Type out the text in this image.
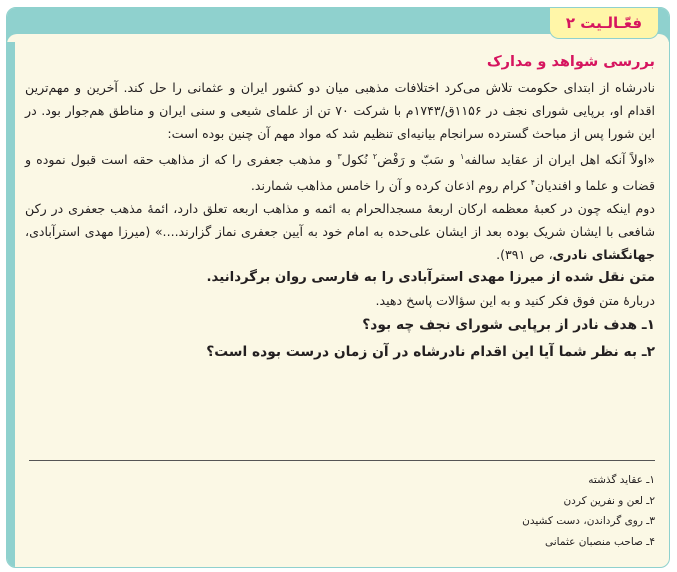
فعّـالـیت ۲
بررسی شواهد و مدارک

نادرشاه از ابتدای حکومت تلاش می‌کرد اختلافات مذهبی میان دو کشور ایران و عثمانی را حل کند. آخرین و مهم‌ترین اقدام او، برپایی شورای نجف در ۱۱۵۶ق/۱۷۴۳م با شرکت ۷۰ تن از علمای شیعی و سنی ایران و مناطق هم‌جوار بود. در این شورا پس از مباحث گسترده سرانجام بیانیه‌ای تنظیم شد که مواد مهم آن چنین بوده است:

«اولاً آنکه اهل ایران از عقاید سالفه$^۱$ و سَبّ و رَفْض$^۲$ نُکول$^۳$ و مذهب جعفری را که از مذاهب حقه است قبول نموده و قضات و علما و افندیان$^۴$ کرام روم اذعان کرده و آن را خامس مذاهب شمارند.

دوم اینکه چون در کعبهٔ معظمه ارکان اربعهٔ مسجدالحرام به ائمه و مذاهب اربعه تعلق دارد، ائمهٔ مذهب جعفری در رکن شافعی با ایشان شریک بوده بعد از ایشان علی‌حده به امام خود به آیین جعفری نماز گزارند....» (میرزا مهدی استرآبادی، جهانگشای نادری، ص ۳۹۱).

متن نقل شده از میرزا مهدی استرآبادی را به فارسی روان برگردانید.

دربارهٔ متن فوق فکر کنید و به این سؤالات پاسخ دهید.

۱ـ هدف نادر از برپایی شورای نجف چه بود؟

۲ـ به نظر شما آیا این اقدام نادرشاه در آن زمان درست بوده است؟

۱ـ عقاید گذشته
۲ـ لعن و نفرین کردن
۳ـ روی گرداندن، دست کشیدن
۴ـ صاحب منصبان عثمانی
